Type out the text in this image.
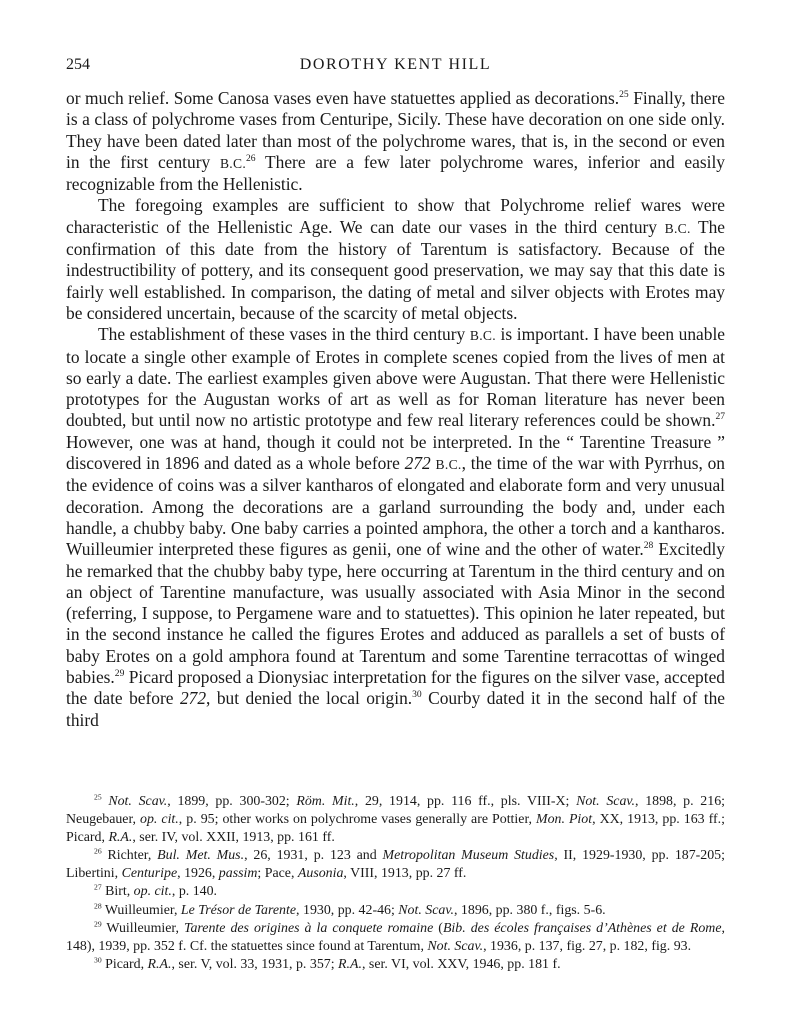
254	DOROTHY KENT HILL

or much relief. Some Canosa vases even have statuettes applied as decorations.$^{25}$ Finally, there is a class of polychrome vases from Centuripe, Sicily. These have decoration on one side only. They have been dated later than most of the polychrome wares, that is, in the second or even in the first century B.C.$^{26}$ There are a few later polychrome wares, inferior and easily recognizable from the Hellenistic.

The foregoing examples are sufficient to show that Polychrome relief wares were characteristic of the Hellenistic Age. We can date our vases in the third century B.C. The confirmation of this date from the history of Tarentum is satisfactory. Because of the indestructibility of pottery, and its consequent good preservation, we may say that this date is fairly well established. In comparison, the dating of metal and silver objects with Erotes may be considered uncertain, because of the scarcity of metal objects.

The establishment of these vases in the third century B.C. is important. I have been unable to locate a single other example of Erotes in complete scenes copied from the lives of men at so early a date. The earliest examples given above were Augustan. That there were Hellenistic prototypes for the Augustan works of art as well as for Roman literature has never been doubted, but until now no artistic prototype and few real literary references could be shown.$^{27}$ However, one was at hand, though it could not be interpreted. In the “ Tarentine Treasure ” discovered in 1896 and dated as a whole before 272 B.C., the time of the war with Pyrrhus, on the evidence of coins was a silver kantharos of elongated and elaborate form and very unusual decoration. Among the decorations are a garland surrounding the body and, under each handle, a chubby baby. One baby carries a pointed amphora, the other a torch and a kantharos. Wuilleumier interpreted these figures as genii, one of wine and the other of water.$^{28}$ Excitedly he remarked that the chubby baby type, here occurring at Tarentum in the third century and on an object of Tarentine manufacture, was usually associated with Asia Minor in the second (referring, I suppose, to Pergamene ware and to statuettes). This opinion he later repeated, but in the second instance he called the figures Erotes and adduced as parallels a set of busts of baby Erotes on a gold amphora found at Tarentum and some Tarentine terracottas of winged babies.$^{29}$ Picard proposed a Dionysiac interpretation for the figures on the silver vase, accepted the date before 272, but denied the local origin.$^{30}$ Courby dated it in the second half of the third

$^{25}$ Not. Scav., 1899, pp. 300-302; Röm. Mit., 29, 1914, pp. 116 ff., pls. VIII-X; Not. Scav., 1898, p. 216; Neugebauer, op. cit., p. 95; other works on polychrome vases generally are Pottier, Mon. Piot, XX, 1913, pp. 163 ff.; Picard, R.A., ser. IV, vol. XXII, 1913, pp. 161 ff.

$^{26}$ Richter, Bul. Met. Mus., 26, 1931, p. 123 and Metropolitan Museum Studies, II, 1929-1930, pp. 187-205; Libertini, Centuripe, 1926, passim; Pace, Ausonia, VIII, 1913, pp. 27 ff.

$^{27}$ Birt, op. cit., p. 140.

$^{28}$ Wuilleumier, Le Trésor de Tarente, 1930, pp. 42-46; Not. Scav., 1896, pp. 380 f., figs. 5-6.

$^{29}$ Wuilleumier, Tarente des origines à la conquete romaine (Bib. des écoles françaises d’Athènes et de Rome, 148), 1939, pp. 352 f. Cf. the statuettes since found at Tarentum, Not. Scav., 1936, p. 137, fig. 27, p. 182, fig. 93.

$^{30}$ Picard, R.A., ser. V, vol. 33, 1931, p. 357; R.A., ser. VI, vol. XXV, 1946, pp. 181 f.
